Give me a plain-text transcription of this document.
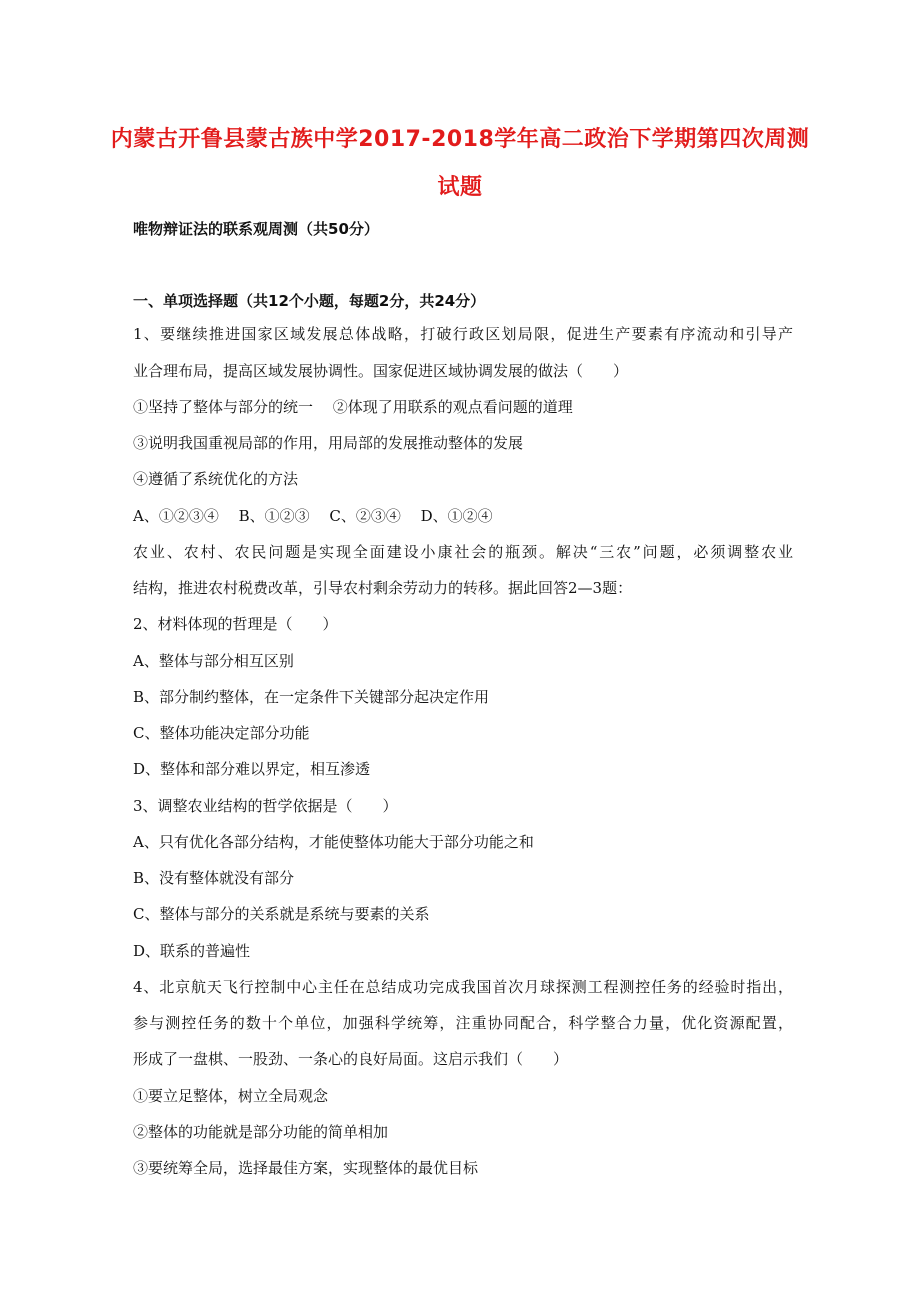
内蒙古开鲁县蒙古族中学2017-2018学年高二政治下学期第四次周测
试题
唯物辩证法的联系观周测（共50分）
一、单项选择题（共12个小题，每题2分，共24分）
1、要继续推进国家区域发展总体战略，打破行政区划局限，促进生产要素有序流动和引导产
业合理布局，提高区域发展协调性。国家促进区域协调发展的做法（　　）
①坚持了整体与部分的统一　 ②体现了用联系的观点看问题的道理
③说明我国重视局部的作用，用局部的发展推动整体的发展
④遵循了系统优化的方法
A、①②③④　 B、①②③　 C、②③④　 D、①②④
农业、农村、农民问题是实现全面建设小康社会的瓶颈。解决“三农”问题，必须调整农业
结构，推进农村税费改革，引导农村剩余劳动力的转移。据此回答2—3题：
2、材料体现的哲理是（　　）
A、整体与部分相互区别
B、部分制约整体，在一定条件下关键部分起决定作用
C、整体功能决定部分功能
D、整体和部分难以界定，相互渗透
3、调整农业结构的哲学依据是（　　）
A、只有优化各部分结构，才能使整体功能大于部分功能之和
B、没有整体就没有部分
C、整体与部分的关系就是系统与要素的关系
D、联系的普遍性
4、北京航天飞行控制中心主任在总结成功完成我国首次月球探测工程测控任务的经验时指出，
参与测控任务的数十个单位，加强科学统筹，注重协同配合，科学整合力量，优化资源配置，
形成了一盘棋、一股劲、一条心的良好局面。这启示我们（　　）
①要立足整体，树立全局观念
②整体的功能就是部分功能的简单相加
③要统筹全局，选择最佳方案，实现整体的最优目标
